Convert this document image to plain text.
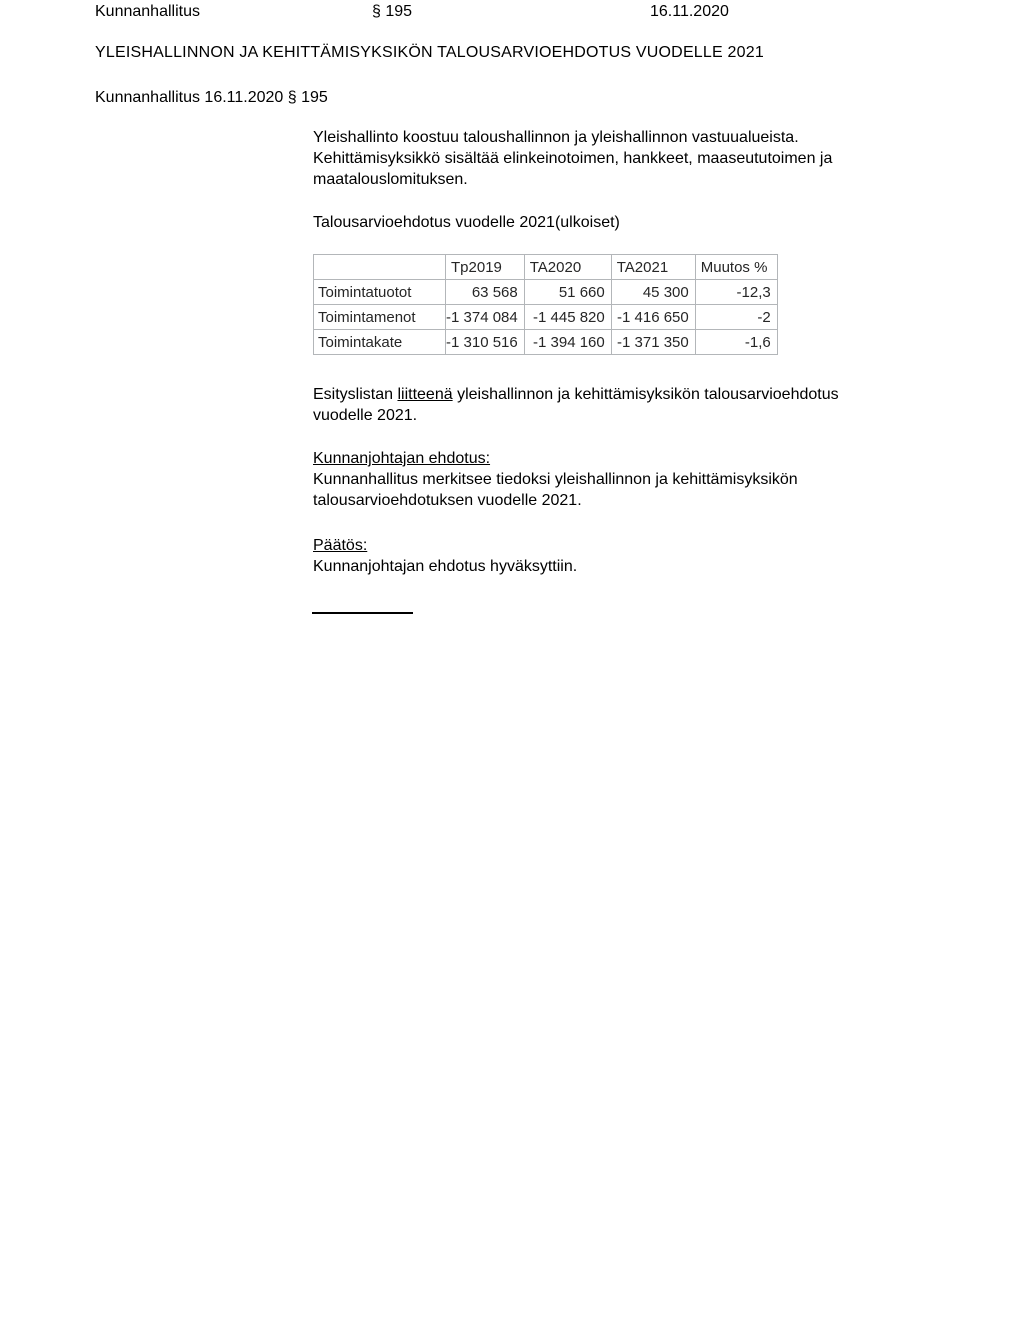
Kunnanhallitus	§ 195	16.11.2020
YLEISHALLINNON JA KEHITTÄMISYKSIKÖN TALOUSARVIOEHDOTUS VUODELLE 2021
Kunnanhallitus 16.11.2020 § 195
Yleishallinto koostuu taloushallinnon ja yleishallinnon vastuualueista.
Kehittämisyksikkö sisältää elinkeinotoimen, hankkeet, maaseututoimen ja
maatalouslomituksen.
Talousarvioehdotus vuodelle 2021(ulkoiset)
	Tp2019	TA2020	TA2021	Muutos %
Toimintatuotot	63 568	51 660	45 300	-12,3
Toimintamenot	-1 374 084	-1 445 820	-1 416 650	-2
Toimintakate	-1 310 516	-1 394 160	-1 371 350	-1,6
Esityslistan liitteenä yleishallinnon ja kehittämisyksikön talousarvioehdotus
vuodelle 2021.
Kunnanjohtajan ehdotus:
Kunnanhallitus merkitsee tiedoksi yleishallinnon ja kehittämisyksikön
talousarvioehdotuksen vuodelle 2021.
Päätös:
Kunnanjohtajan ehdotus hyväksyttiin.
